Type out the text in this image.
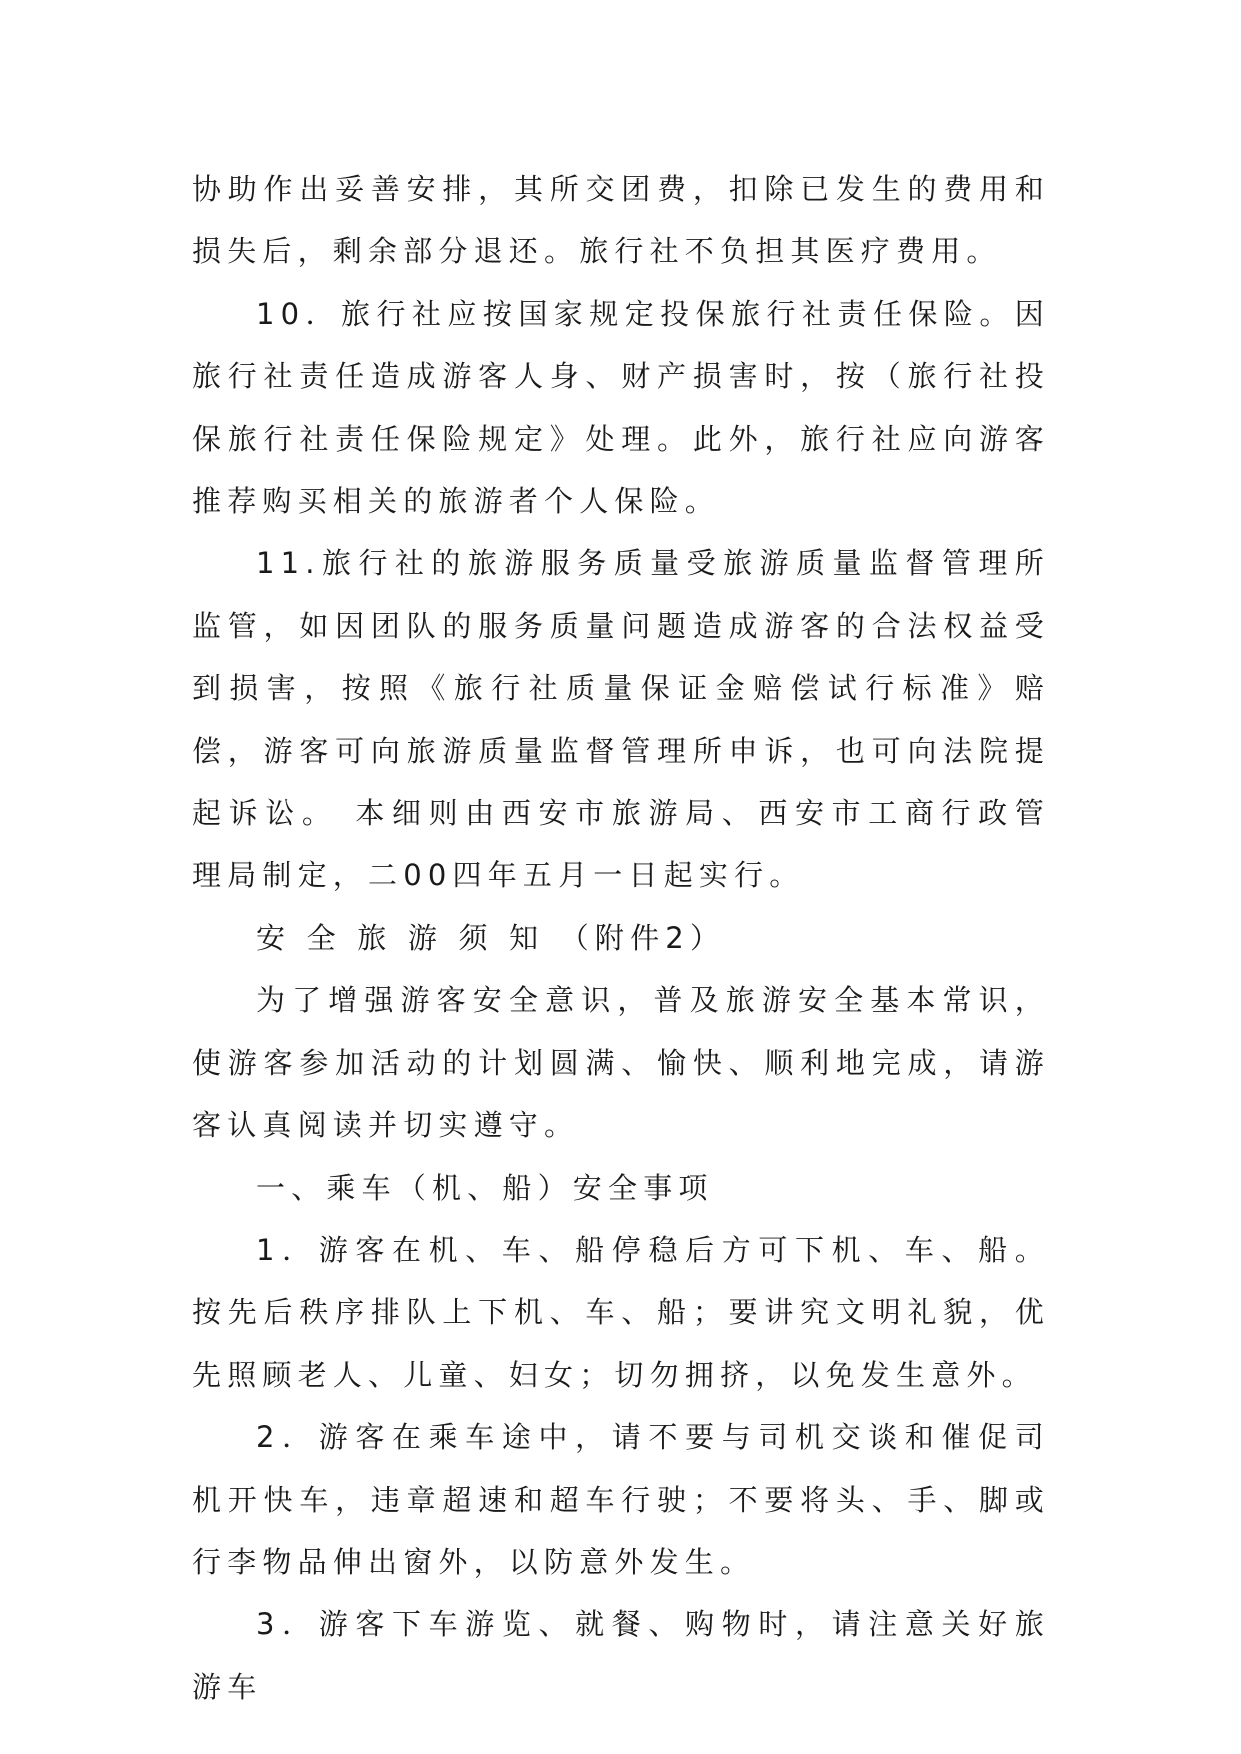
协助作出妥善安排，其所交团费，扣除已发生的费用和损失后，剩余部分退还。旅行社不负担其医疗费用。

10．旅行社应按国家规定投保旅行社责任保险。因旅行社责任造成游客人身、财产损害时，按（旅行社投保旅行社责任保险规定》处理。此外，旅行社应向游客推荐购买相关的旅游者个人保险。

11.旅行社的旅游服务质量受旅游质量监督管理所监管，如因团队的服务质量问题造成游客的合法权益受到损害，按照《旅行社质量保证金赔偿试行标准》赔偿，游客可向旅游质量监督管理所申诉，也可向法院提起诉讼。 本细则由西安市旅游局、西安市工商行政管理局制定，二00四年五月一日起实行。

安 全 旅 游 须 知 （附件2）

为了增强游客安全意识，普及旅游安全基本常识，使游客参加活动的计划圆满、愉快、顺利地完成，请游客认真阅读并切实遵守。

一、乘车（机、船）安全事项

1．游客在机、车、船停稳后方可下机、车、船。按先后秩序排队上下机、车、船；要讲究文明礼貌，优先照顾老人、儿童、妇女；切勿拥挤，以免发生意外。

2．游客在乘车途中，请不要与司机交谈和催促司机开快车，违章超速和超车行驶；不要将头、手、脚或行李物品伸出窗外，以防意外发生。

3．游客下车游览、就餐、购物时，请注意关好旅游车
